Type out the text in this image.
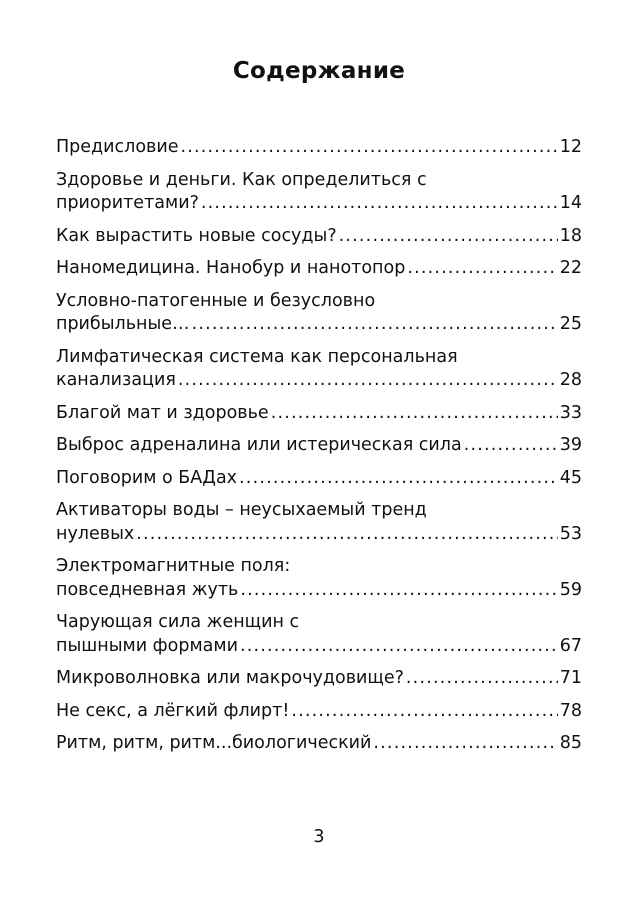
Содержание
Предисловие .....	12
Здоровье и деньги. Как определиться с
приоритетами? .....	14
Как вырастить новые сосуды? .....	18
Наномедицина. Нанобур и нанотопор .....	22
Условно-патогенные и безусловно
прибыльные… .....	25
Лимфатическая система как персональная
канализация .....	28
Благой мат и здоровье .....	33
Выброс адреналина или истерическая сила .....	39
Поговорим о БАДах .....	45
Активаторы воды – неусыхаемый тренд
нулевых .....	53
Электромагнитные поля:
повседневная жуть .....	59
Чарующая сила женщин с
пышными формами .....	67
Микроволновка или макрочудовище? .....	71
Не секс, а лёгкий флирт! .....	78
Ритм, ритм, ритм...биологический .....	85
3
